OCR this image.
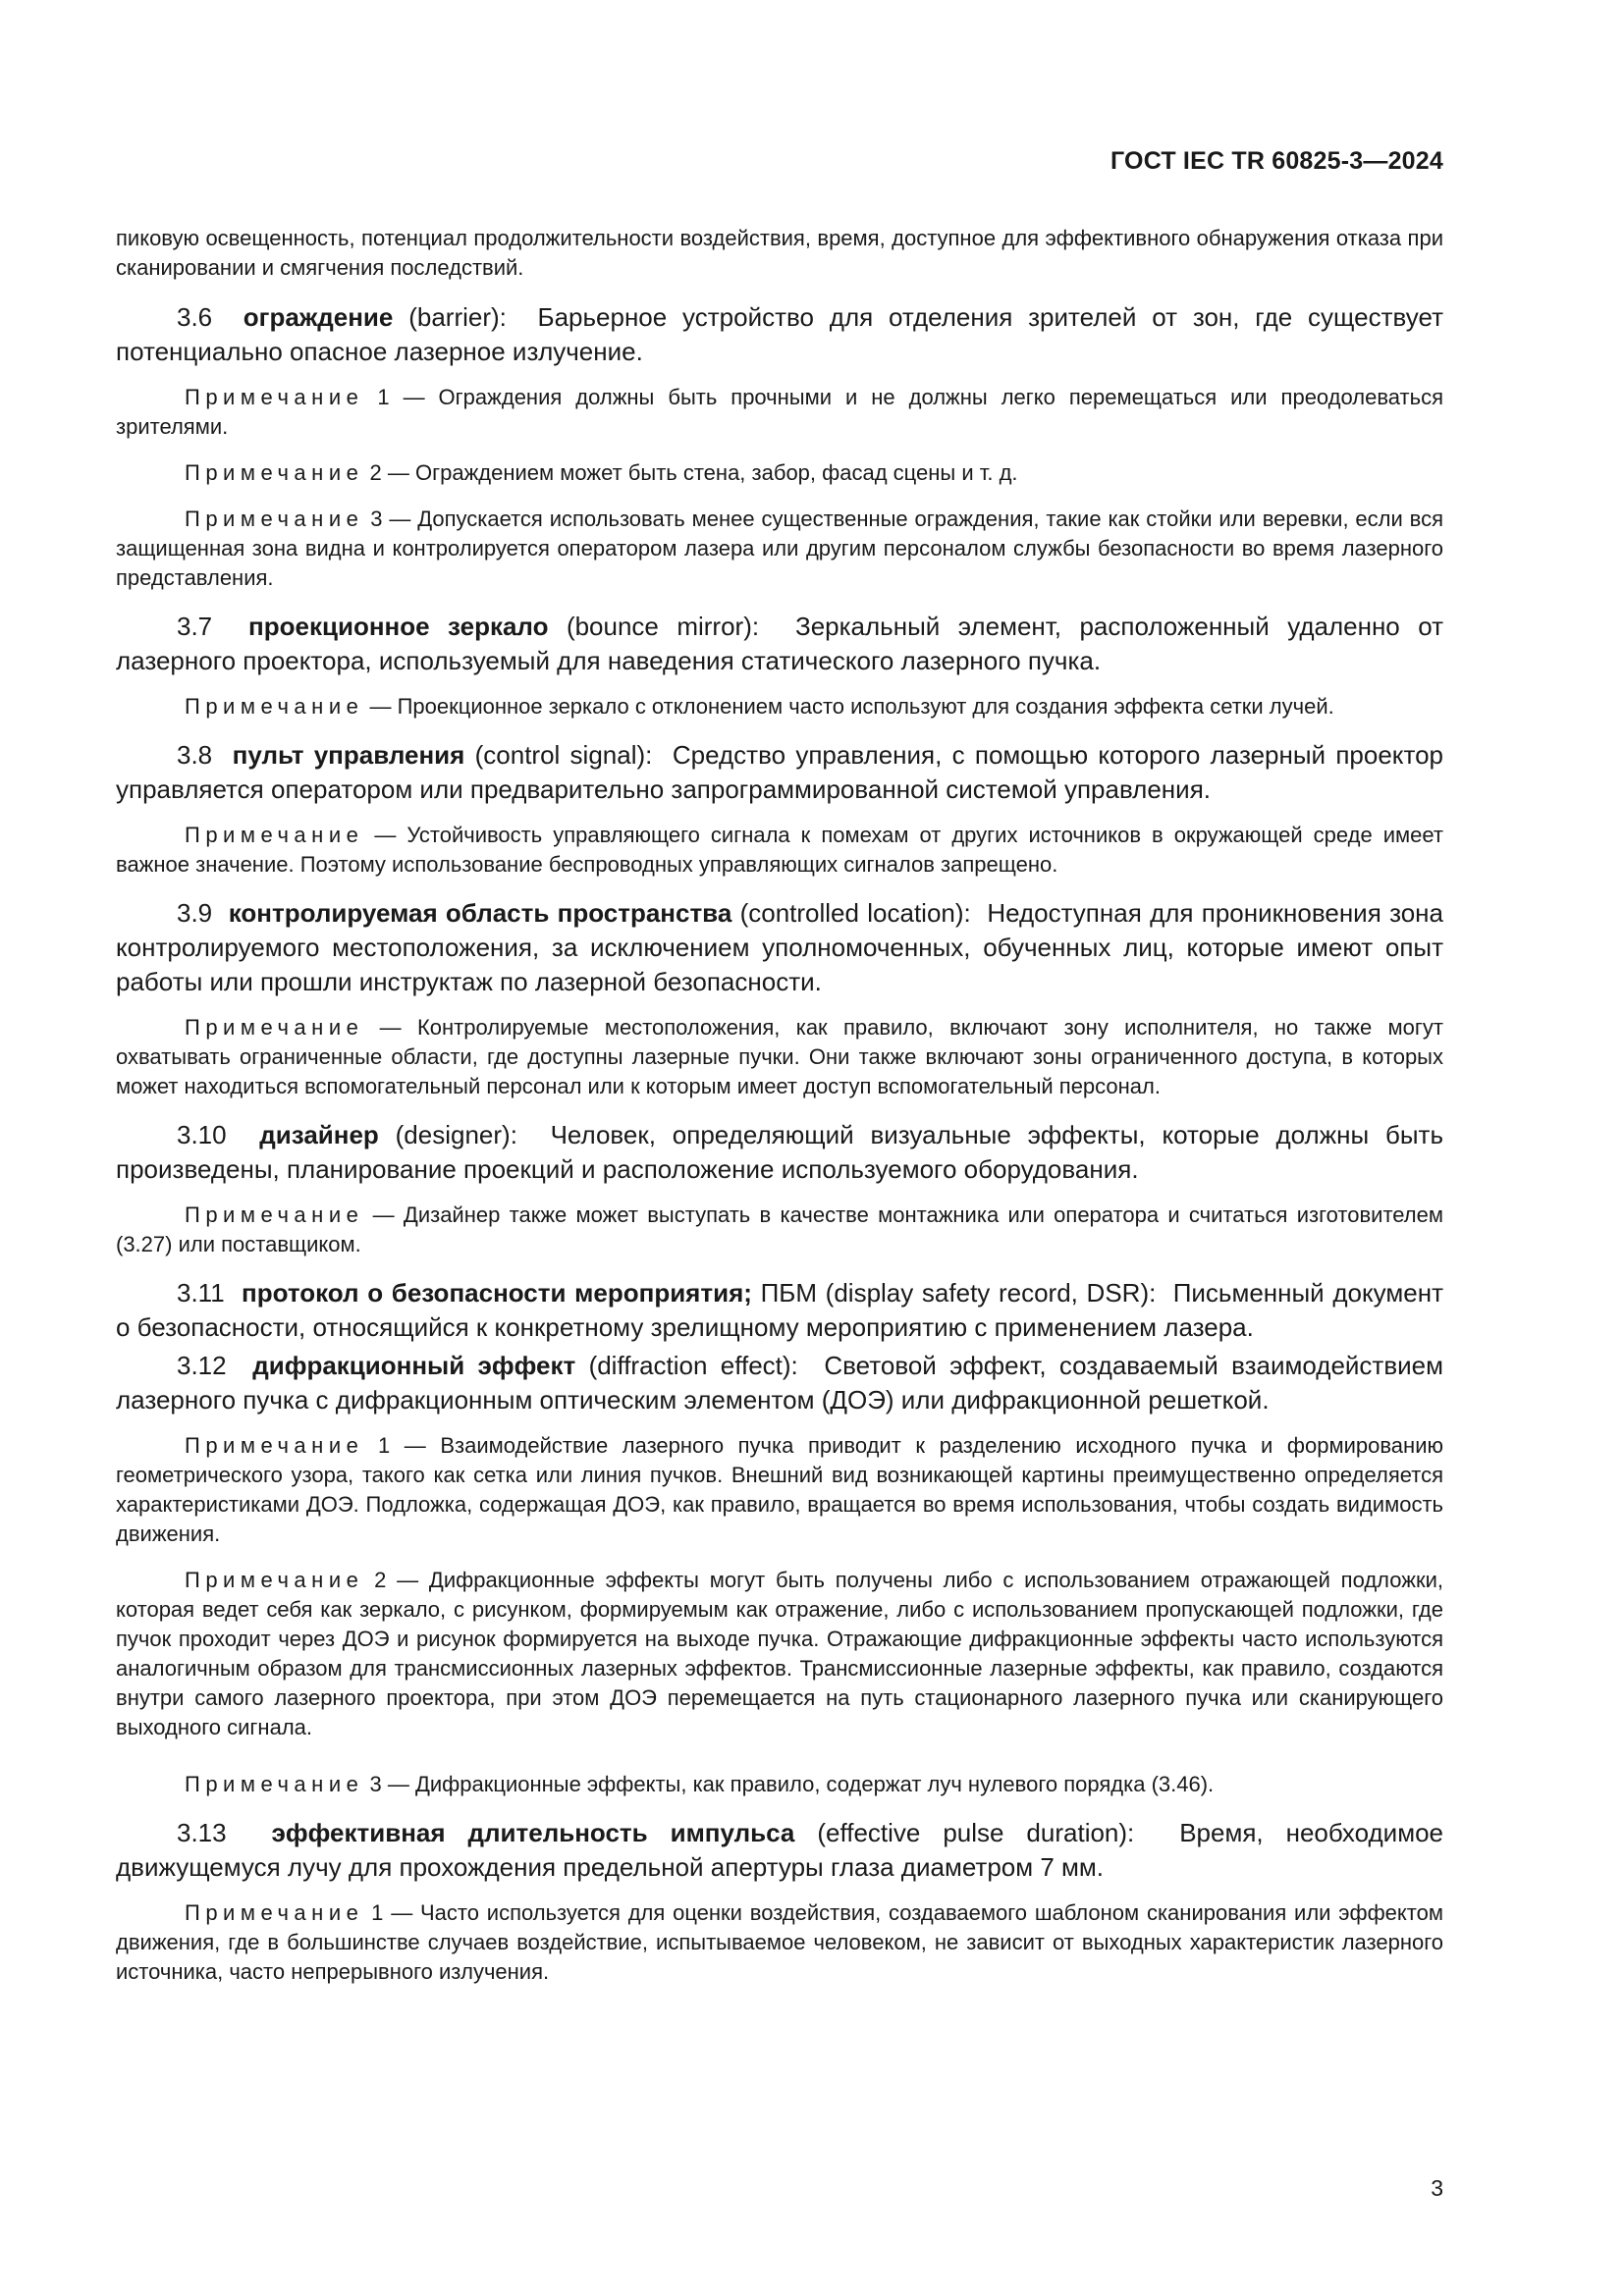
ГОСТ IEC TR 60825-3—2024

пиковую освещенность, потенциал продолжительности воздействия, время, доступное для эффективного обнаружения отказа при сканировании и смягчения последствий.

3.6 ограждение (barrier): Барьерное устройство для отделения зрителей от зон, где существует потенциально опасное лазерное излучение.

Примечание 1 — Ограждения должны быть прочными и не должны легко перемещаться или преодолеваться зрителями.

Примечание 2 — Ограждением может быть стена, забор, фасад сцены и т. д.

Примечание 3 — Допускается использовать менее существенные ограждения, такие как стойки или веревки, если вся защищенная зона видна и контролируется оператором лазера или другим персоналом службы безопасности во время лазерного представления.

3.7 проекционное зеркало (bounce mirror): Зеркальный элемент, расположенный удаленно от лазерного проектора, используемый для наведения статического лазерного пучка.

Примечание — Проекционное зеркало с отклонением часто используют для создания эффекта сетки лучей.

3.8 пульт управления (control signal): Средство управления, с помощью которого лазерный проектор управляется оператором или предварительно запрограммированной системой управления.

Примечание — Устойчивость управляющего сигнала к помехам от других источников в окружающей среде имеет важное значение. Поэтому использование беспроводных управляющих сигналов запрещено.

3.9 контролируемая область пространства (controlled location): Недоступная для проникновения зона контролируемого местоположения, за исключением уполномоченных, обученных лиц, которые имеют опыт работы или прошли инструктаж по лазерной безопасности.

Примечание — Контролируемые местоположения, как правило, включают зону исполнителя, но также могут охватывать ограниченные области, где доступны лазерные пучки. Они также включают зоны ограниченного доступа, в которых может находиться вспомогательный персонал или к которым имеет доступ вспомогательный персонал.

3.10 дизайнер (designer): Человек, определяющий визуальные эффекты, которые должны быть произведены, планирование проекций и расположение используемого оборудования.

Примечание — Дизайнер также может выступать в качестве монтажника или оператора и считаться изготовителем (3.27) или поставщиком.

3.11 протокол о безопасности мероприятия; ПБМ (display safety record, DSR): Письменный документ о безопасности, относящийся к конкретному зрелищному мероприятию с применением лазера.

3.12 дифракционный эффект (diffraction effect): Световой эффект, создаваемый взаимодействием лазерного пучка с дифракционным оптическим элементом (ДОЭ) или дифракционной решеткой.

Примечание 1 — Взаимодействие лазерного пучка приводит к разделению исходного пучка и формированию геометрического узора, такого как сетка или линия пучков. Внешний вид возникающей картины преимущественно определяется характеристиками ДОЭ. Подложка, содержащая ДОЭ, как правило, вращается во время использования, чтобы создать видимость движения.

Примечание 2 — Дифракционные эффекты могут быть получены либо с использованием отражающей подложки, которая ведет себя как зеркало, с рисунком, формируемым как отражение, либо с использованием пропускающей подложки, где пучок проходит через ДОЭ и рисунок формируется на выходе пучка. Отражающие дифракционные эффекты часто используются аналогичным образом для трансмиссионных лазерных эффектов. Трансмиссионные лазерные эффекты, как правило, создаются внутри самого лазерного проектора, при этом ДОЭ перемещается на путь стационарного лазерного пучка или сканирующего выходного сигнала.

Примечание 3 — Дифракционные эффекты, как правило, содержат луч нулевого порядка (3.46).

3.13 эффективная длительность импульса (effective pulse duration): Время, необходимое движущемуся лучу для прохождения предельной апертуры глаза диаметром 7 мм.

Примечание 1 — Часто используется для оценки воздействия, создаваемого шаблоном сканирования или эффектом движения, где в большинстве случаев воздействие, испытываемое человеком, не зависит от выходных характеристик лазерного источника, часто непрерывного излучения.

3
